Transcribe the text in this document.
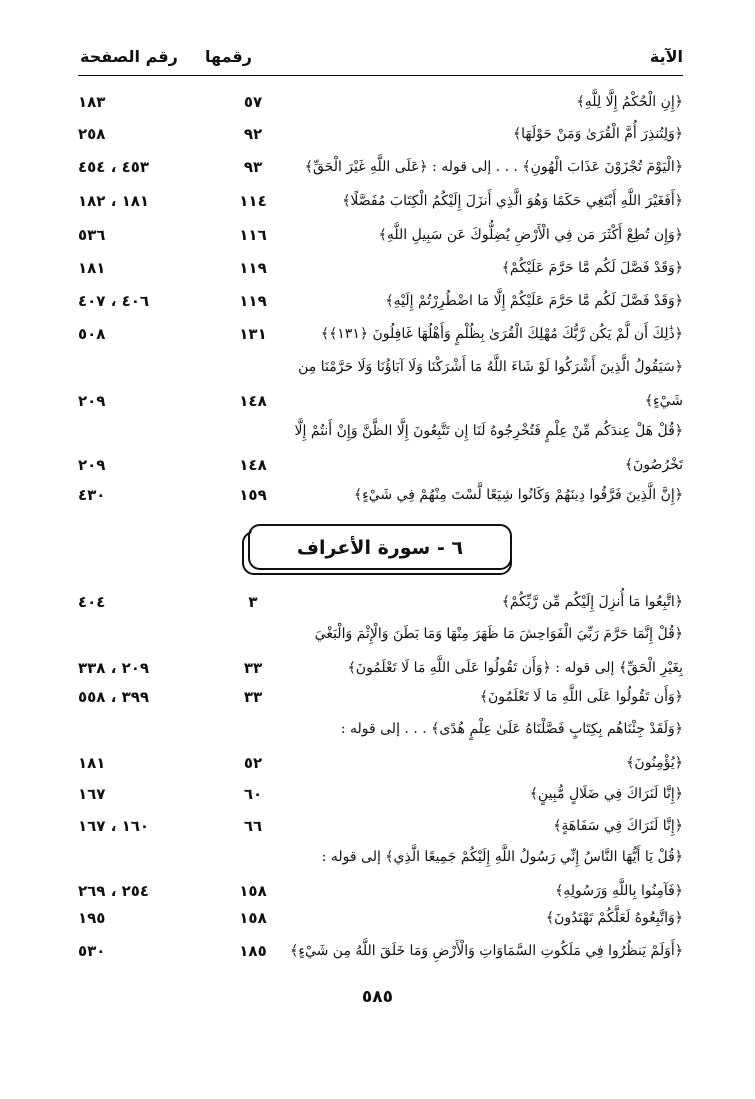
الآية
رقمها
رقم الصفحة
﴿إِنِ الْحُكْمُ إِلَّا لِلَّهِ﴾
٥٧
١٨٣
﴿وَلِتُنذِرَ أُمَّ الْقُرَىٰ وَمَنْ حَوْلَهَا﴾
٩٢
٢٥٨
﴿الْيَوْمَ تُجْزَوْنَ عَذَابَ الْهُونِ﴾ . . . إلى قوله : ﴿عَلَى اللَّهِ غَيْرَ الْحَقِّ﴾
٩٣
٤٥٣ ، ٤٥٤
﴿أَفَغَيْرَ اللَّهِ أَبْتَغِي حَكَمًا وَهُوَ الَّذِي أَنزَلَ إِلَيْكُمُ الْكِتَابَ مُفَصَّلًا﴾
١١٤
١٨١ ، ١٨٢
﴿وَإِن تُطِعْ أَكْثَرَ مَن فِي الْأَرْضِ يُضِلُّوكَ عَن سَبِيلِ اللَّهِ﴾
١١٦
٥٣٦
﴿وَقَدْ فَصَّلَ لَكُم مَّا حَرَّمَ عَلَيْكُمْ﴾
١١٩
١٨١
﴿وَقَدْ فَصَّلَ لَكُم مَّا حَرَّمَ عَلَيْكُمْ إِلَّا مَا اضْطُرِرْتُمْ إِلَيْهِ﴾
١١٩
٤٠٦ ، ٤٠٧
﴿ذَٰلِكَ أَن لَّمْ يَكُن رَّبُّكَ مُهْلِكَ الْقُرَىٰ بِظُلْمٍ وَأَهْلُهَا غَافِلُونَ ﴿١٣١﴾﴾
١٣١
٥٠٨
﴿سَيَقُولُ الَّذِينَ أَشْرَكُوا لَوْ شَاءَ اللَّهُ مَا أَشْرَكْنَا وَلَا آبَاؤُنَا وَلَا حَرَّمْنَا مِن شَيْءٍ﴾
١٤٨
٢٠٩
﴿قُلْ هَلْ عِندَكُم مِّنْ عِلْمٍ فَتُخْرِجُوهُ لَنَا إِن تَتَّبِعُونَ إِلَّا الظَّنَّ وَإِنْ أَنتُمْ إِلَّا تَخْرُصُونَ﴾
١٤٨
٢٠٩
﴿إِنَّ الَّذِينَ فَرَّقُوا دِينَهُمْ وَكَانُوا شِيَعًا لَّسْتَ مِنْهُمْ فِي شَيْءٍ﴾
١٥٩
٤٣٠
٦ - سورة الأعراف
﴿اتَّبِعُوا مَا أُنزِلَ إِلَيْكُم مِّن رَّبِّكُمْ﴾
٣
٤٠٤
﴿قُلْ إِنَّمَا حَرَّمَ رَبِّيَ الْفَوَاحِشَ مَا ظَهَرَ مِنْهَا وَمَا بَطَنَ وَالْإِثْمَ وَالْبَغْيَ بِغَيْرِ الْحَقِّ﴾ إلى قوله : ﴿وَأَن تَقُولُوا عَلَى اللَّهِ مَا لَا تَعْلَمُونَ﴾
٣٣
٢٠٩ ، ٣٣٨
﴿وَأَن تَقُولُوا عَلَى اللَّهِ مَا لَا تَعْلَمُونَ﴾
٣٣
٣٩٩ ، ٥٥٨
﴿وَلَقَدْ جِئْنَاهُم بِكِتَابٍ فَصَّلْنَاهُ عَلَىٰ عِلْمٍ هُدًى﴾ . . . إلى قوله : ﴿يُؤْمِنُونَ﴾
٥٢
١٨١
﴿إِنَّا لَنَرَاكَ فِي ضَلَالٍ مُّبِينٍ﴾
٦٠
١٦٧
﴿إِنَّا لَنَرَاكَ فِي سَفَاهَةٍ﴾
٦٦
١٦٠ ، ١٦٧
﴿قُلْ يَا أَيُّهَا النَّاسُ إِنِّي رَسُولُ اللَّهِ إِلَيْكُمْ جَمِيعًا الَّذِي﴾ إلى قوله : ﴿فَآمِنُوا بِاللَّهِ وَرَسُولِهِ﴾
١٥٨
٢٥٤ ، ٢٦٩
﴿وَاتَّبِعُوهُ لَعَلَّكُمْ تَهْتَدُونَ﴾
١٥٨
١٩٥
﴿أَوَلَمْ يَنظُرُوا فِي مَلَكُوتِ السَّمَاوَاتِ وَالْأَرْضِ وَمَا خَلَقَ اللَّهُ مِن شَيْءٍ﴾
١٨٥
٥٣٠
٥٨٥
